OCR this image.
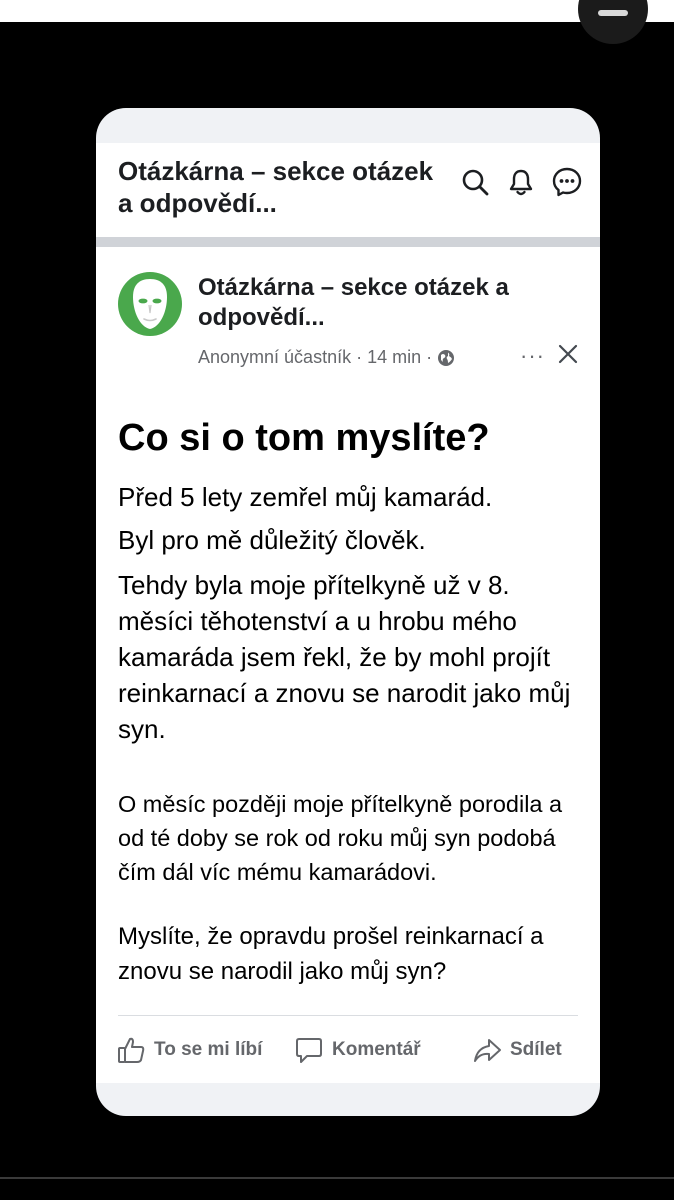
Otázkárna – sekce otázek a odpovědí...
Otázkárna – sekce otázek a odpovědí...
Anonymní účastník · 14 min ·	···
Co si o tom myslíte?

Před 5 lety zemřel můj kamarád.

Byl pro mě důležitý člověk.

Tehdy byla moje přítelkyně už v 8. měsíci těhotenství a u hrobu mého kamaráda jsem řekl, že by mohl projít reinkarnací a znovu se narodit jako můj syn.

O měsíc později moje přítelkyně porodila a od té doby se rok od roku můj syn podobá čím dál víc mému kamarádovi.

Myslíte, že opravdu prošel reinkarnací a znovu se narodil jako můj syn?

To se mi líbí	Komentář	Sdílet
